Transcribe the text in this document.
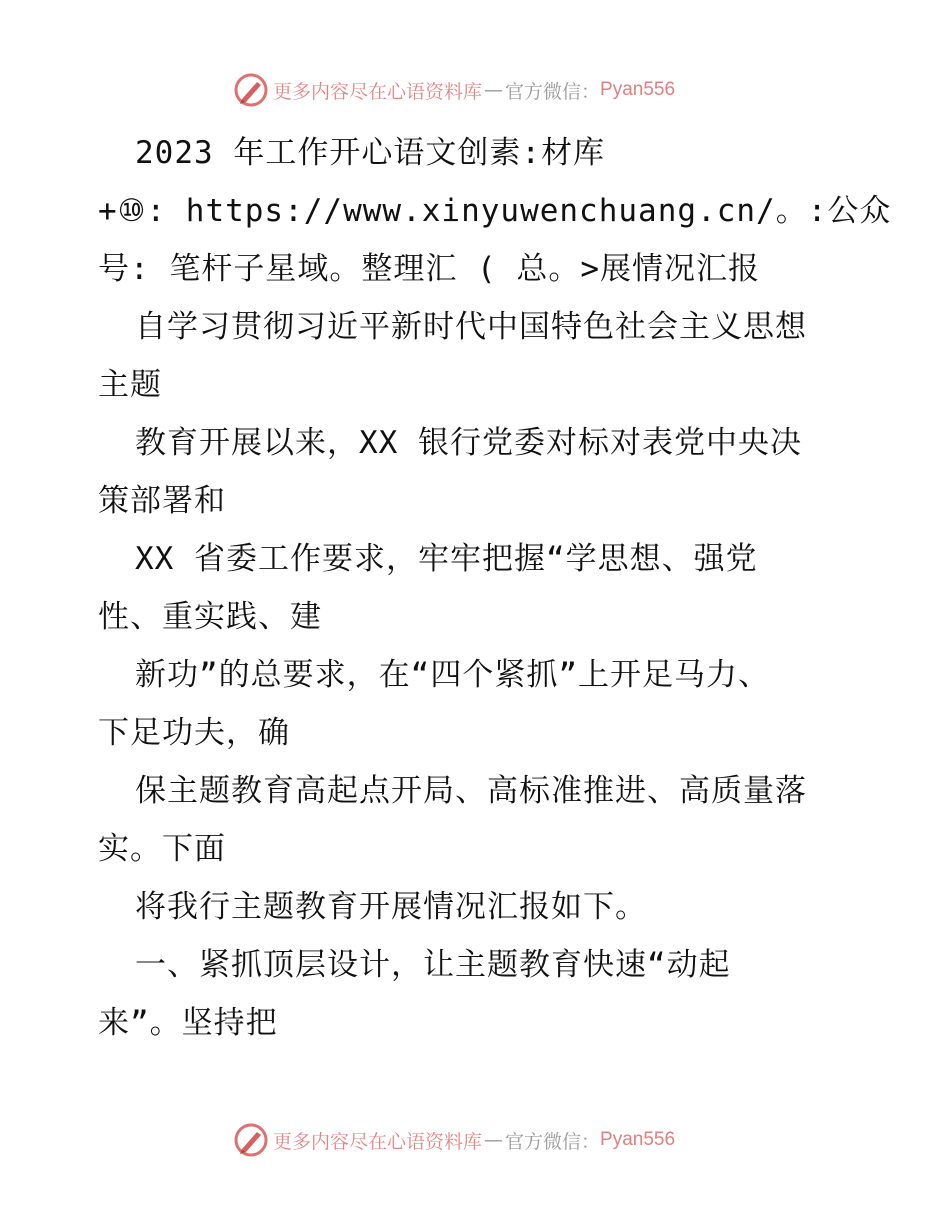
更多内容尽在心语资料库 — 官方微信： Pyan556
2023 年工作开心语文创素:材库
+⑩: https://www.xinyuwenchuang.cn/。:公众
号: 笔杆子星域。整理汇 ( 总。>展情况汇报
自学习贯彻习近平新时代中国特色社会主义思想
主题
教育开展以来，XX 银行党委对标对表党中央决
策部署和
XX 省委工作要求，牢牢把握“学思想、强党
性、重实践、建
新功”的总要求，在“四个紧抓”上开足马力、
下足功夫，确
保主题教育高起点开局、高标准推进、高质量落
实。下面
将我行主题教育开展情况汇报如下。
一、紧抓顶层设计，让主题教育快速“动起
来”。坚持把
更多内容尽在心语资料库 — 官方微信： Pyan556
